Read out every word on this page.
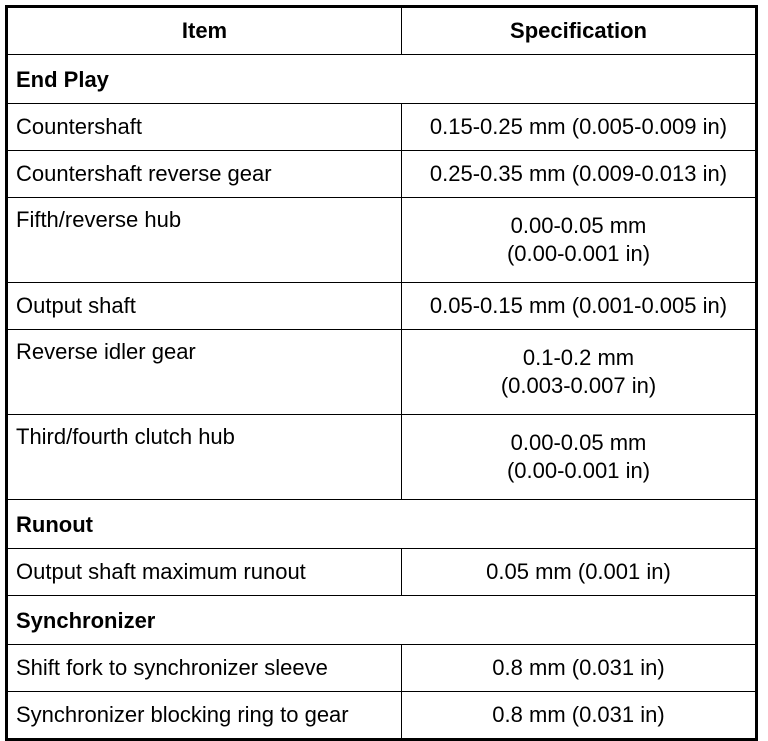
Item	Specification
End Play	
Countershaft	0.15-0.25 mm (0.005-0.009 in)

Countershaft reverse gear	0.25-0.35 mm (0.009-0.013 in)

Fifth/reverse hub	0.00-0.05 mm
(0.00-0.001 in)

Output shaft	0.05-0.15 mm (0.001-0.005 in)

Reverse idler gear	0.1-0.2 mm
(0.003-0.007 in)

Third/fourth clutch hub	0.00-0.05 mm
(0.00-0.001 in)

Runout	
Output shaft maximum runout	0.05 mm (0.001 in)

Synchronizer	
Shift fork to synchronizer sleeve	0.8 mm (0.031 in)

Synchronizer blocking ring to gear	0.8 mm (0.031 in)
